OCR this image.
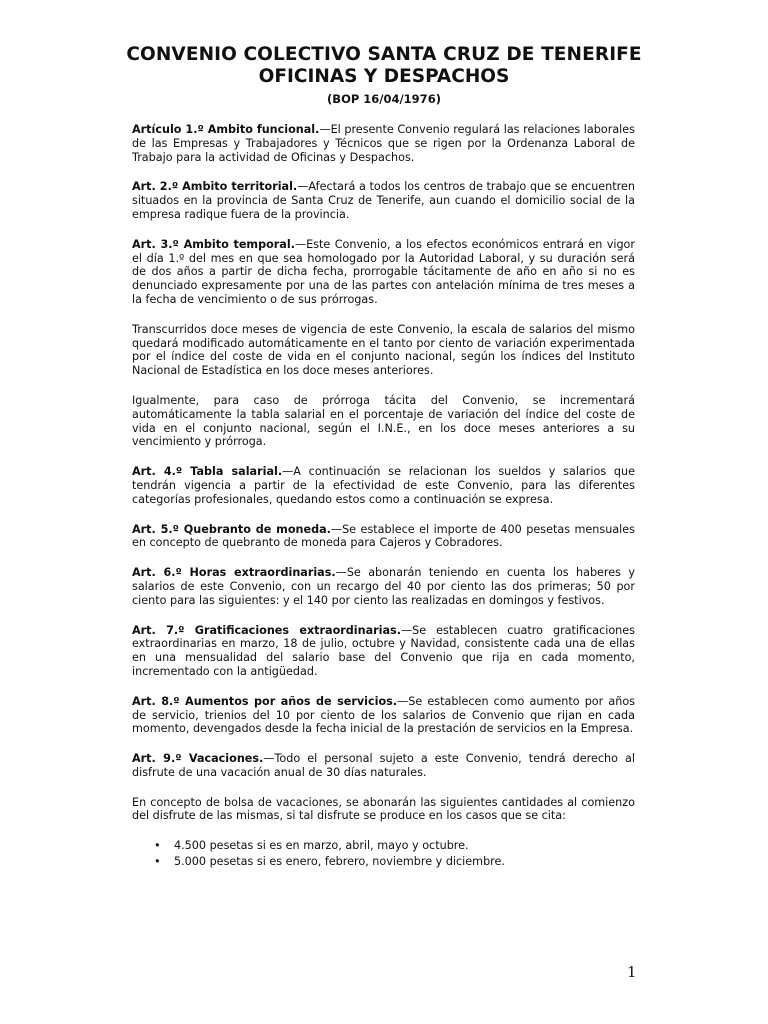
CONVENIO COLECTIVO SANTA CRUZ DE TENERIFE
OFICINAS Y DESPACHOS
(BOP 16/04/1976)

Artículo 1.º Ambito funcional.—El presente Convenio regulará las relaciones laborales de las Empresas y Trabajadores y Técnicos que se rigen por la Ordenanza Laboral de Trabajo para la actividad de Oficinas y Despachos.

Art. 2.º Ambito territorial.—Afectará a todos los centros de trabajo que se encuentren situados en la provincia de Santa Cruz de Tenerife, aun cuando el domicilio social de la empresa radique fuera de la provincia.

Art. 3.º Ambito temporal.—Este Convenio, a los efectos económicos entrará en vigor el día 1.º del mes en que sea homologado por la Autoridad Laboral, y su duración será de dos años a partir de dicha fecha, prorrogable tácitamente de año en año si no es denunciado expresamente por una de las partes con antelación mínima de tres meses a la fecha de vencimiento o de sus prórrogas.

Transcurridos doce meses de vigencia de este Convenio, la escala de salarios del mismo quedará modificado automáticamente en el tanto por ciento de variación experimentada por el índice del coste de vida en el conjunto nacional, según los índices del Instituto Nacional de Estadística en los doce meses anteriores.

Igualmente, para caso de prórroga tácita del Convenio, se incrementará automáticamente la tabla salarial en el porcentaje de variación del índice del coste de vida en el conjunto nacional, según el I.N.E., en los doce meses anteriores a su vencimiento y prórroga.

Art. 4.º Tabla salarial.—A continuación se relacionan los sueldos y salarios que tendrán vigencia a partir de la efectividad de este Convenio, para las diferentes categorías profesionales, quedando estos como a continuación se expresa.

Art. 5.º Quebranto de moneda.—Se establece el importe de 400 pesetas mensuales en concepto de quebranto de moneda para Cajeros y Cobradores.

Art. 6.º Horas extraordinarias.—Se abonarán teniendo en cuenta los haberes y salarios de este Convenio, con un recargo del 40 por ciento las dos primeras; 50 por ciento para las siguientes: y el 140 por ciento las realizadas en domingos y festivos.

Art. 7.º Gratificaciones extraordinarias.—Se establecen cuatro gratificaciones extraordinarias en marzo, 18 de julio, octubre y Navidad, consistente cada una de ellas en una mensualidad del salario base del Convenio que rija en cada momento, incrementado con la antigüedad.

Art. 8.º Aumentos por años de servicios.—Se establecen como aumento por años de servicio, trienios del 10 por ciento de los salarios de Convenio que rijan en cada momento, devengados desde la fecha inicial de la prestación de servicios en la Empresa.

Art. 9.º Vacaciones.—Todo el personal sujeto a este Convenio, tendrá derecho al disfrute de una vacación anual de 30 días naturales.

En concepto de bolsa de vacaciones, se abonarán las siguientes cantidades al comienzo del disfrute de las mismas, si tal disfrute se produce en los casos que se cita:

• 4.500 pesetas si es en marzo, abril, mayo y octubre.
• 5.000 pesetas si es enero, febrero, noviembre y diciembre.
1
